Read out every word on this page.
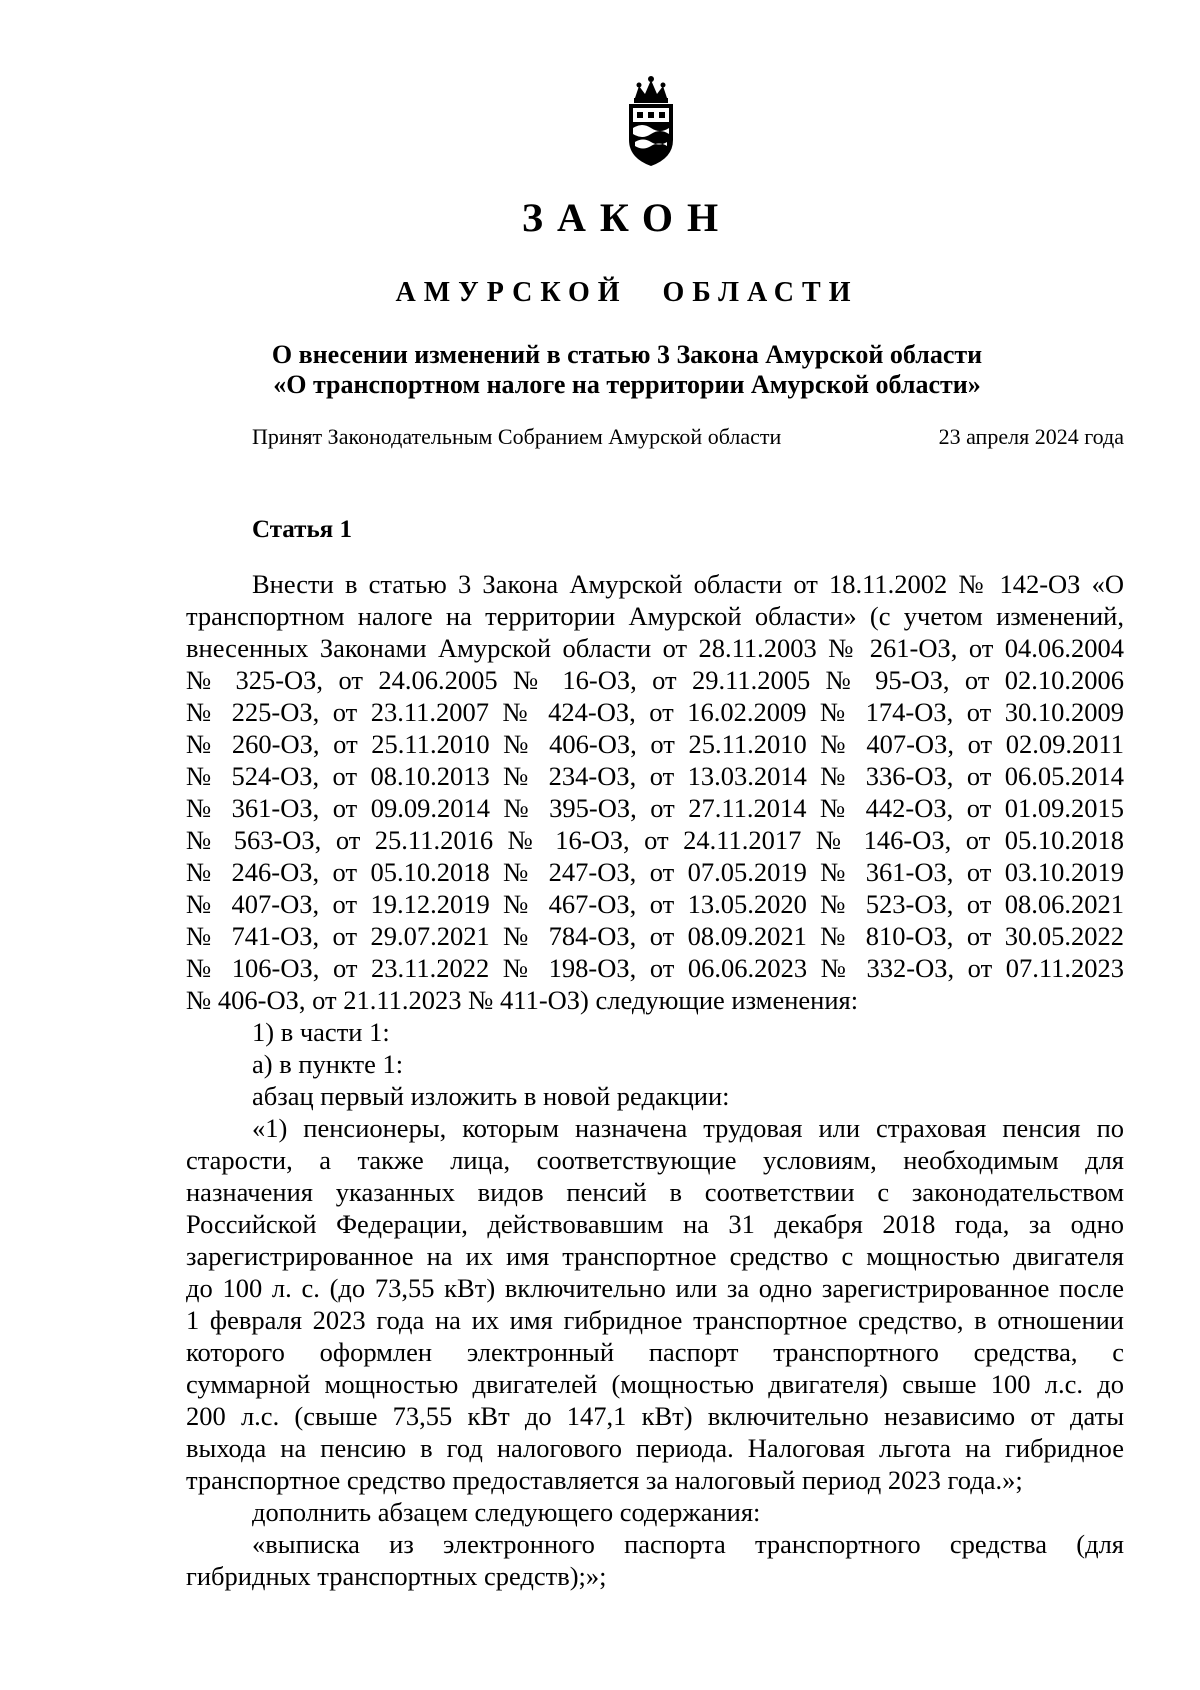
ЗАКОН
АМУРСКОЙ ОБЛАСТИ
О внесении изменений в статью 3 Закона Амурской области
«О транспортном налоге на территории Амурской области»
Принят Законодательным Собранием Амурской области	23 апреля 2024 года
Статья 1
Внести в статью 3 Закона Амурской области от 18.11.2002 № 142-ОЗ «О
транспортном налоге на территории Амурской области» (с учетом изменений,
внесенных Законами Амурской области от 28.11.2003 № 261-ОЗ, от 04.06.2004
№ 325-ОЗ, от 24.06.2005 № 16-ОЗ, от 29.11.2005 № 95-ОЗ, от 02.10.2006
№ 225-ОЗ, от 23.11.2007 № 424-ОЗ, от 16.02.2009 № 174-ОЗ, от 30.10.2009
№ 260-ОЗ, от 25.11.2010 № 406-ОЗ, от 25.11.2010 № 407-ОЗ, от 02.09.2011
№ 524-ОЗ, от 08.10.2013 № 234-ОЗ, от 13.03.2014 № 336-ОЗ, от 06.05.2014
№ 361-ОЗ, от 09.09.2014 № 395-ОЗ, от 27.11.2014 № 442-ОЗ, от 01.09.2015
№ 563-ОЗ, от 25.11.2016 № 16-ОЗ, от 24.11.2017 № 146-ОЗ, от 05.10.2018
№ 246-ОЗ, от 05.10.2018 № 247-ОЗ, от 07.05.2019 № 361-ОЗ, от 03.10.2019
№ 407-ОЗ, от 19.12.2019 № 467-ОЗ, от 13.05.2020 № 523-ОЗ, от 08.06.2021
№ 741-ОЗ, от 29.07.2021 № 784-ОЗ, от 08.09.2021 № 810-ОЗ, от 30.05.2022
№ 106-ОЗ, от 23.11.2022 № 198-ОЗ, от 06.06.2023 № 332-ОЗ, от 07.11.2023
№ 406-ОЗ, от 21.11.2023 № 411-ОЗ) следующие изменения:
1) в части 1:
а) в пункте 1:
абзац первый изложить в новой редакции:
«1) пенсионеры, которым назначена трудовая или страховая пенсия по
старости, а также лица, соответствующие условиям, необходимым для
назначения указанных видов пенсий в соответствии с законодательством
Российской Федерации, действовавшим на 31 декабря 2018 года, за одно
зарегистрированное на их имя транспортное средство с мощностью двигателя
до 100 л. с. (до 73,55 кВт) включительно или за одно зарегистрированное после
1 февраля 2023 года на их имя гибридное транспортное средство, в отношении
которого оформлен электронный паспорт транспортного средства, с
суммарной мощностью двигателей (мощностью двигателя) свыше 100 л.с. до
200 л.с. (свыше 73,55 кВт до 147,1 кВт) включительно независимо от даты
выхода на пенсию в год налогового периода. Налоговая льгота на гибридное
транспортное средство предоставляется за налоговый период 2023 года.»;
дополнить абзацем следующего содержания:
«выписка из электронного паспорта транспортного средства (для
гибридных транспортных средств);»;
